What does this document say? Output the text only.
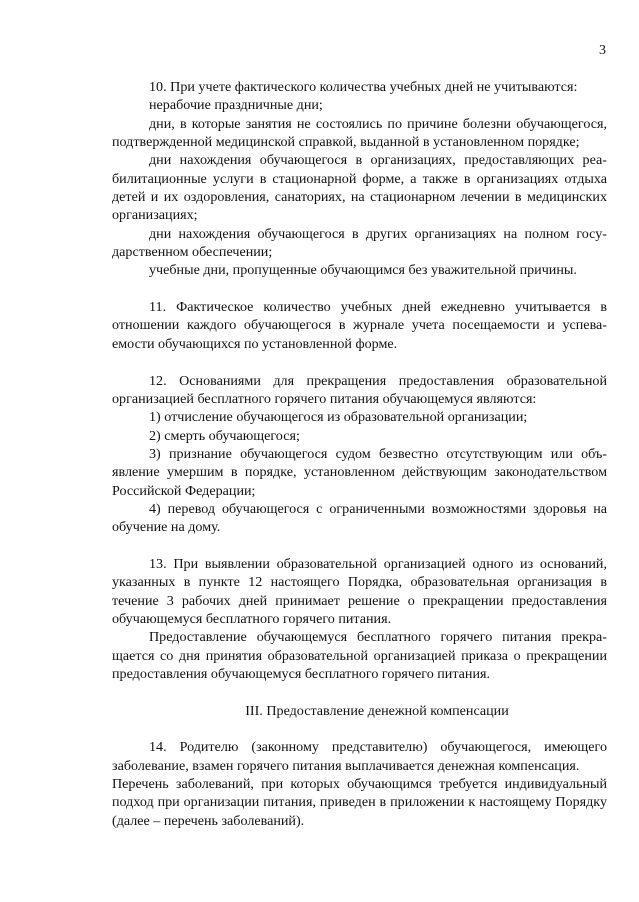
3

10. При учете фактического количества учебных дней не учитываются:

нерабочие праздничные дни;

дни, в которые занятия не состоялись по причине болезни обучающегося, подтвержденной медицинской справкой, выданной в установленном порядке;

дни нахождения обучающегося в организациях, предоставляющих реабилитационные услуги в стационарной форме, а также в организациях отдыха детей и их оздоровления, санаториях, на стационарном лечении в медицинских организациях;

дни нахождения обучающегося в других организациях на полном государственном обеспечении;

учебные дни, пропущенные обучающимся без уважительной причины.

11. Фактическое количество учебных дней ежедневно учитывается в отношении каждого обучающегося в журнале учета посещаемости и успеваемости обучающихся по установленной форме.

12. Основаниями для прекращения предоставления образовательной организацией бесплатного горячего питания обучающемуся являются:

1) отчисление обучающегося из образовательной организации;

2) смерть обучающегося;

3) признание обучающегося судом безвестно отсутствующим или объявление умершим в порядке, установленном действующим законодательством Российской Федерации;

4) перевод обучающегося с ограниченными возможностями здоровья на обучение на дому.

13. При выявлении образовательной организацией одного из оснований, указанных в пункте 12 настоящего Порядка, образовательная организация в течение 3 рабочих дней принимает решение о прекращении предоставления обучающемуся бесплатного горячего питания.

Предоставление обучающемуся бесплатного горячего питания прекращается со дня принятия образовательной организацией приказа о прекращении предоставления обучающемуся бесплатного горячего питания.

III. Предоставление денежной компенсации

14. Родителю (законному представителю) обучающегося, имеющего заболевание, взамен горячего питания выплачивается денежная компенсация.

Перечень заболеваний, при которых обучающимся требуется индивидуальный подход при организации питания, приведен в приложении к настоящему Порядку (далее – перечень заболеваний).
